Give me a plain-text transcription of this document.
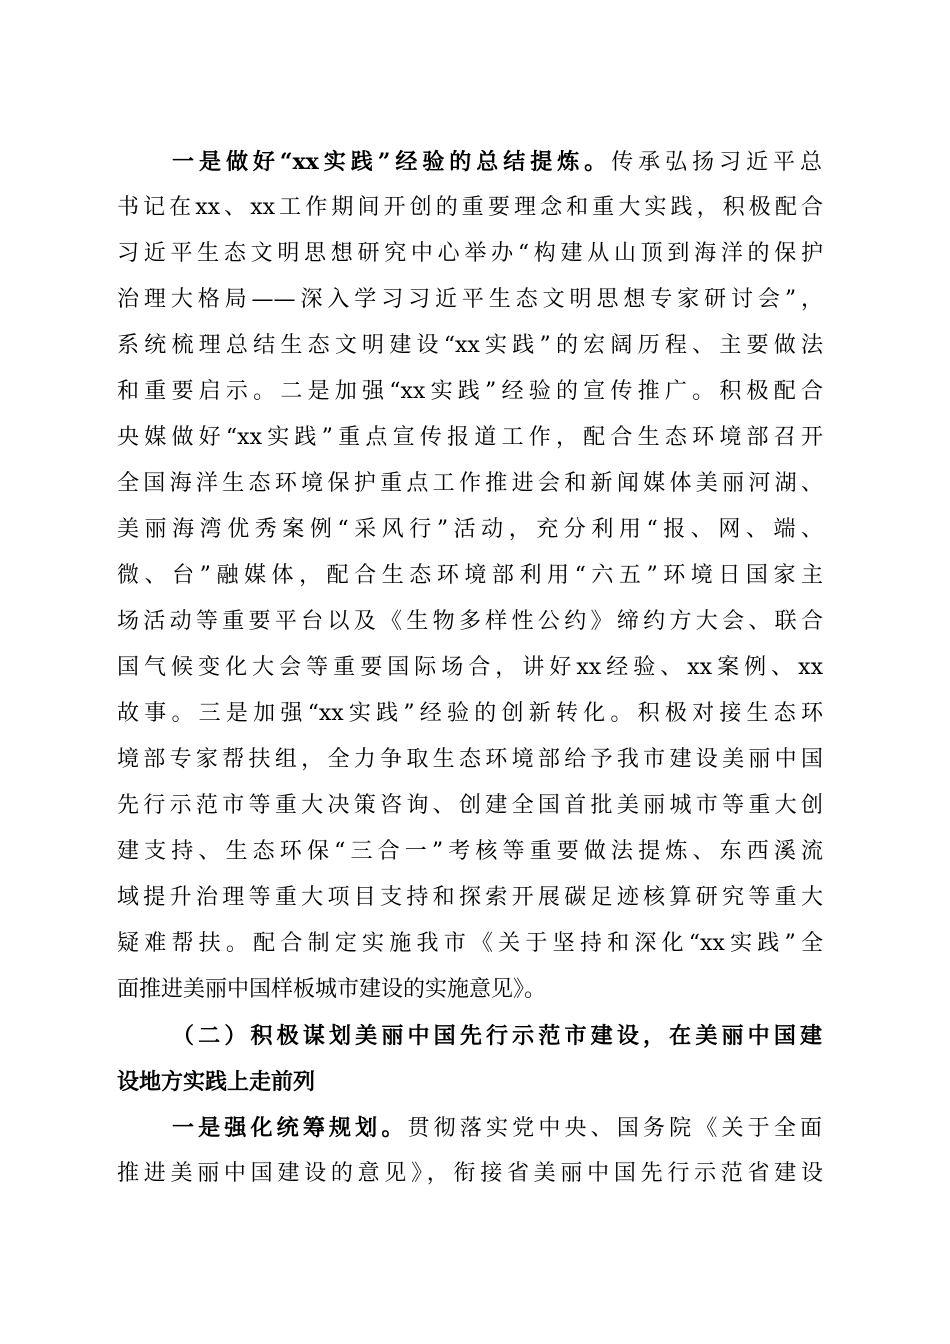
一是做好“xx实践”经验的总结提炼。传承弘扬习近平总
书记在xx、xx工作期间开创的重要理念和重大实践，积极配合
习近平生态文明思想研究中心举办“构建从山顶到海洋的保护
治理大格局——深入学习习近平生态文明思想专家研讨会”，
系统梳理总结生态文明建设“xx实践”的宏阔历程、主要做法
和重要启示。二是加强“xx实践”经验的宣传推广。积极配合
央媒做好“xx实践”重点宣传报道工作，配合生态环境部召开
全国海洋生态环境保护重点工作推进会和新闻媒体美丽河湖、
美丽海湾优秀案例“采风行”活动，充分利用“报、网、端、
微、台”融媒体，配合生态环境部利用“六五”环境日国家主
场活动等重要平台以及《生物多样性公约》缔约方大会、联合
国气候变化大会等重要国际场合，讲好xx经验、xx案例、xx
故事。三是加强“xx实践”经验的创新转化。积极对接生态环
境部专家帮扶组，全力争取生态环境部给予我市建设美丽中国
先行示范市等重大决策咨询、创建全国首批美丽城市等重大创
建支持、生态环保“三合一”考核等重要做法提炼、东西溪流
域提升治理等重大项目支持和探索开展碳足迹核算研究等重大
疑难帮扶。配合制定实施我市《关于坚持和深化“xx实践”全
面推进美丽中国样板城市建设的实施意见》。
（二）积极谋划美丽中国先行示范市建设，在美丽中国建
设地方实践上走前列
一是强化统筹规划。贯彻落实党中央、国务院《关于全面
推进美丽中国建设的意见》，衔接省美丽中国先行示范省建设
